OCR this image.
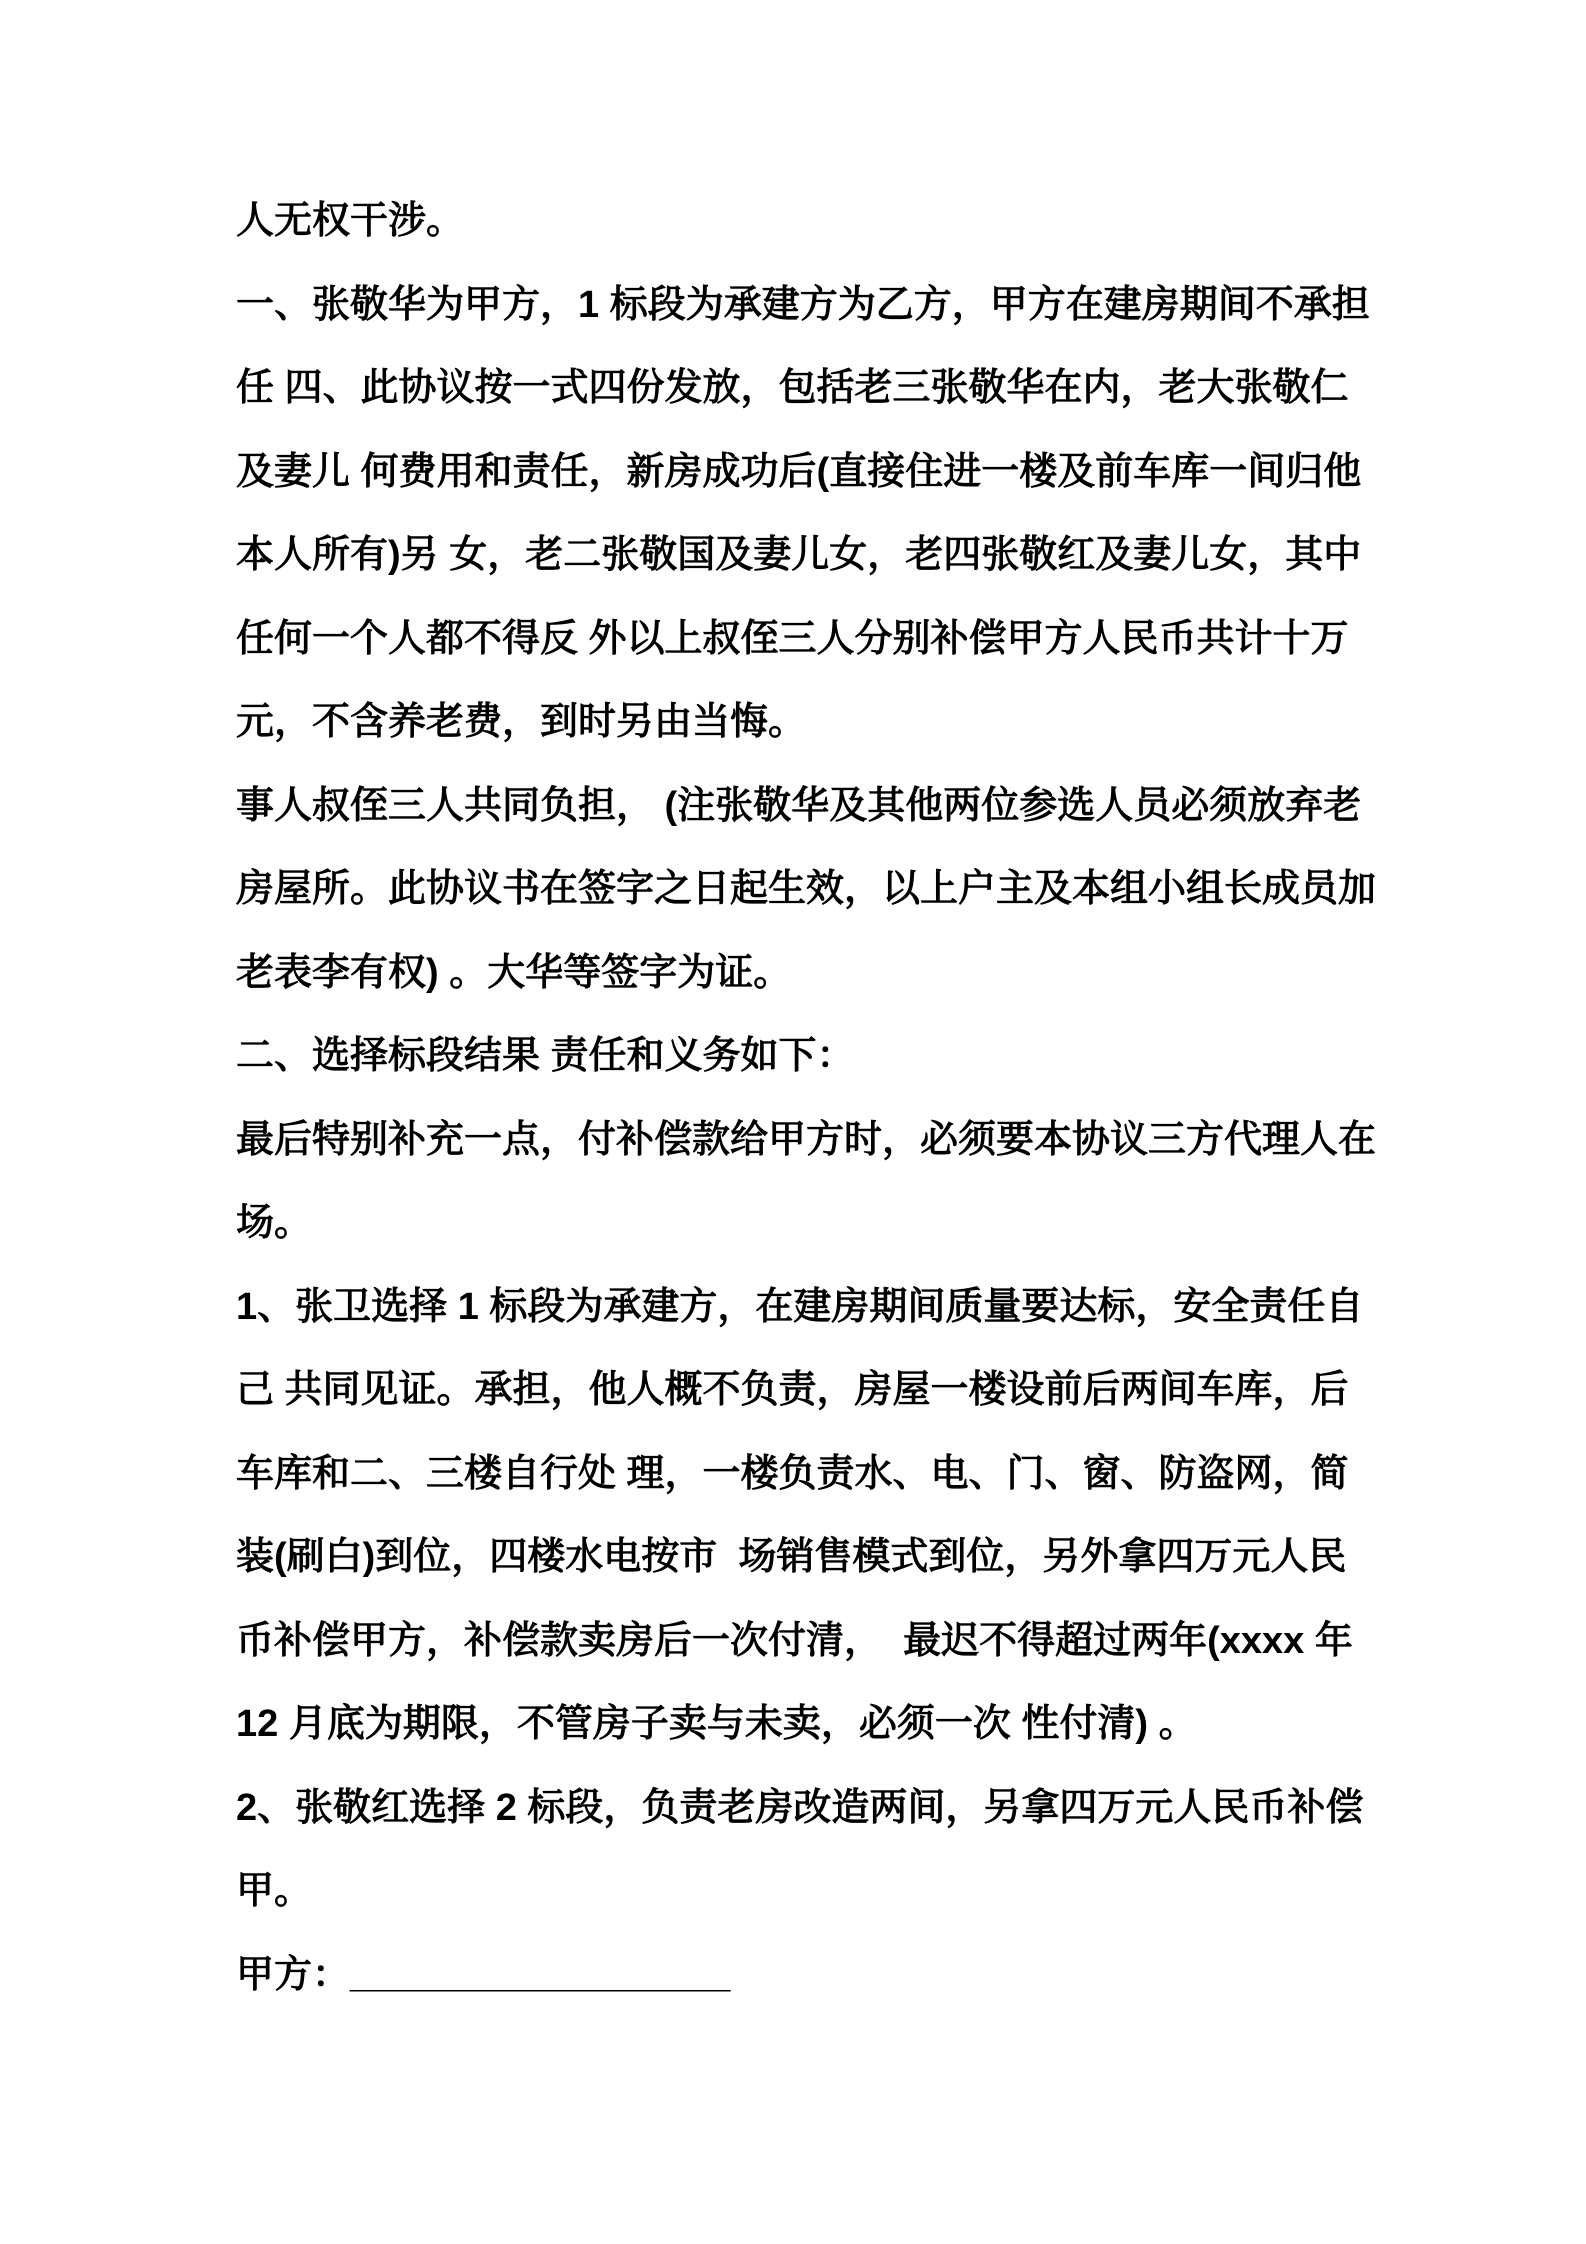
人无权干涉。

一、张敬华为甲方，1 标段为承建方为乙方，甲方在建房期间不承担

任 四、此协议按一式四份发放，包括老三张敬华在内，老大张敬仁

及妻儿 何费用和责任，新房成功后(直接住进一楼及前车库一间归他

本人所有)另 女，老二张敬国及妻儿女，老四张敬红及妻儿女，其中

任何一个人都不得反 外以上叔侄三人分别补偿甲方人民币共计十万

元，不含养老费，到时另由当悔。

事人叔侄三人共同负担， (注张敬华及其他两位参选人员必须放弃老

房屋所。此协议书在签字之日起生效，以上户主及本组小组长成员加

老表李有权) 。大华等签字为证。

二、选择标段结果 责任和义务如下：

最后特别补充一点，付补偿款给甲方时，必须要本协议三方代理人在

场。

1、张卫选择 1 标段为承建方，在建房期间质量要达标，安全责任自

己 共同见证。承担，他人概不负责，房屋一楼设前后两间车库，后

车库和二、三楼自行处 理，一楼负责水、电、门、窗、防盗网，简

装(刷白)到位，四楼水电按市  场销售模式到位，另外拿四万元人民

币补偿甲方，补偿款卖房后一次付清，  最迟不得超过两年(xxxx 年

12 月底为期限，不管房子卖与未卖，必须一次 性付清) 。

2、张敬红选择 2 标段，负责老房改造两间，另拿四万元人民币补偿

甲。

甲方：__________________
